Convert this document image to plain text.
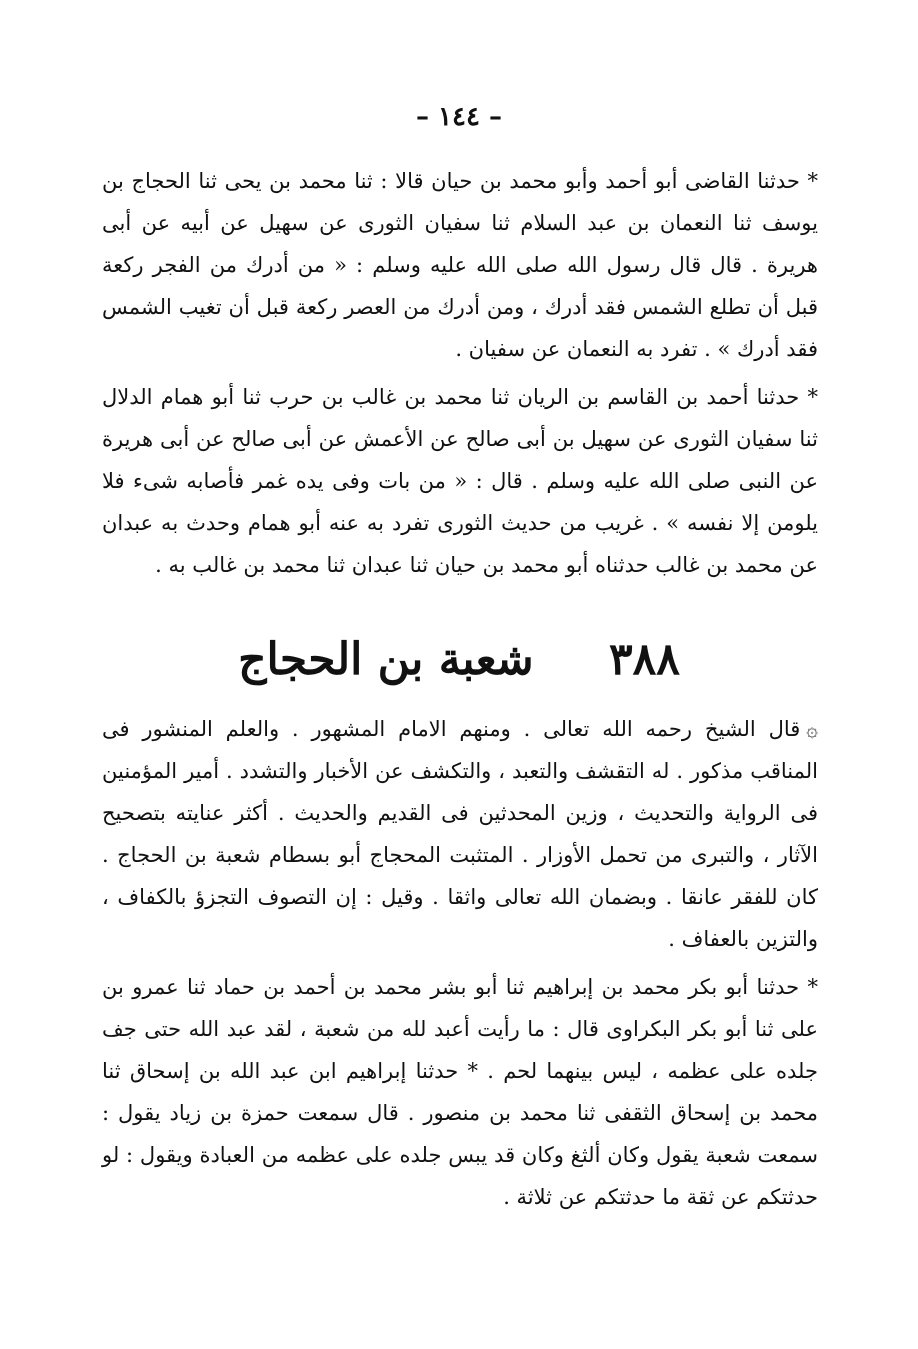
– ١٤٤ –

* حدثنا القاضى أبو أحمد وأبو محمد بن حيان قالا : ثنا محمد بن يحى ثنا الحجاج بن يوسف ثنا النعمان بن عبد السلام ثنا سفيان الثورى عن سهيل عن أبيه عن أبى هريرة . قال قال رسول الله صلى الله عليه وسلم : « من أدرك من الفجر ركعة قبل أن تطلع الشمس فقد أدرك ، ومن أدرك من العصر ركعة قبل أن تغيب الشمس فقد أدرك » . تفرد به النعمان عن سفيان .

* حدثنا أحمد بن القاسم بن الريان ثنا محمد بن غالب بن حرب ثنا أبو همام الدلال ثنا سفيان الثورى عن سهيل بن أبى صالح عن الأعمش عن أبى صالح عن أبى هريرة عن النبى صلى الله عليه وسلم . قال : « من بات وفى يده غمر فأصابه شىء فلا يلومن إلا نفسه » . غريب من حديث الثورى تفرد به عنه أبو همام وحدث به عبدان عن محمد بن غالب حدثناه أبو محمد بن حيان ثنا عبدان ثنا محمد بن غالب به .

٣٨٨ شعبة بن الحجاج

۞قال الشيخ رحمه الله تعالى . ومنهم الامام المشهور . والعلم المنشور فى المناقب مذكور . له التقشف والتعبد ، والتكشف عن الأخبار والتشدد . أمير المؤمنين فى الرواية والتحديث ، وزين المحدثين فى القديم والحديث . أكثر عنايته بتصحيح الآثار ، والتبرى من تحمل الأوزار . المتثبت المحجاج أبو بسطام شعبة بن الحجاج . كان للفقر عانقا . وبضمان الله تعالى واثقا . وقيل : إن التصوف التجزؤ بالكفاف ، والتزين بالعفاف .

* حدثنا أبو بكر محمد بن إبراهيم ثنا أبو بشر محمد بن أحمد بن حماد ثنا عمرو بن على ثنا أبو بكر البكراوى قال : ما رأيت أعبد لله من شعبة ، لقد عبد الله حتى جف جلده على عظمه ، ليس بينهما لحم . * حدثنا إبراهيم ابن عبد الله بن إسحاق ثنا محمد بن إسحاق الثقفى ثنا محمد بن منصور . قال سمعت حمزة بن زياد يقول : سمعت شعبة يقول وكان ألثغ وكان قد يبس جلده على عظمه من العبادة ويقول : لو حدثتكم عن ثقة ما حدثتكم عن ثلاثة .
